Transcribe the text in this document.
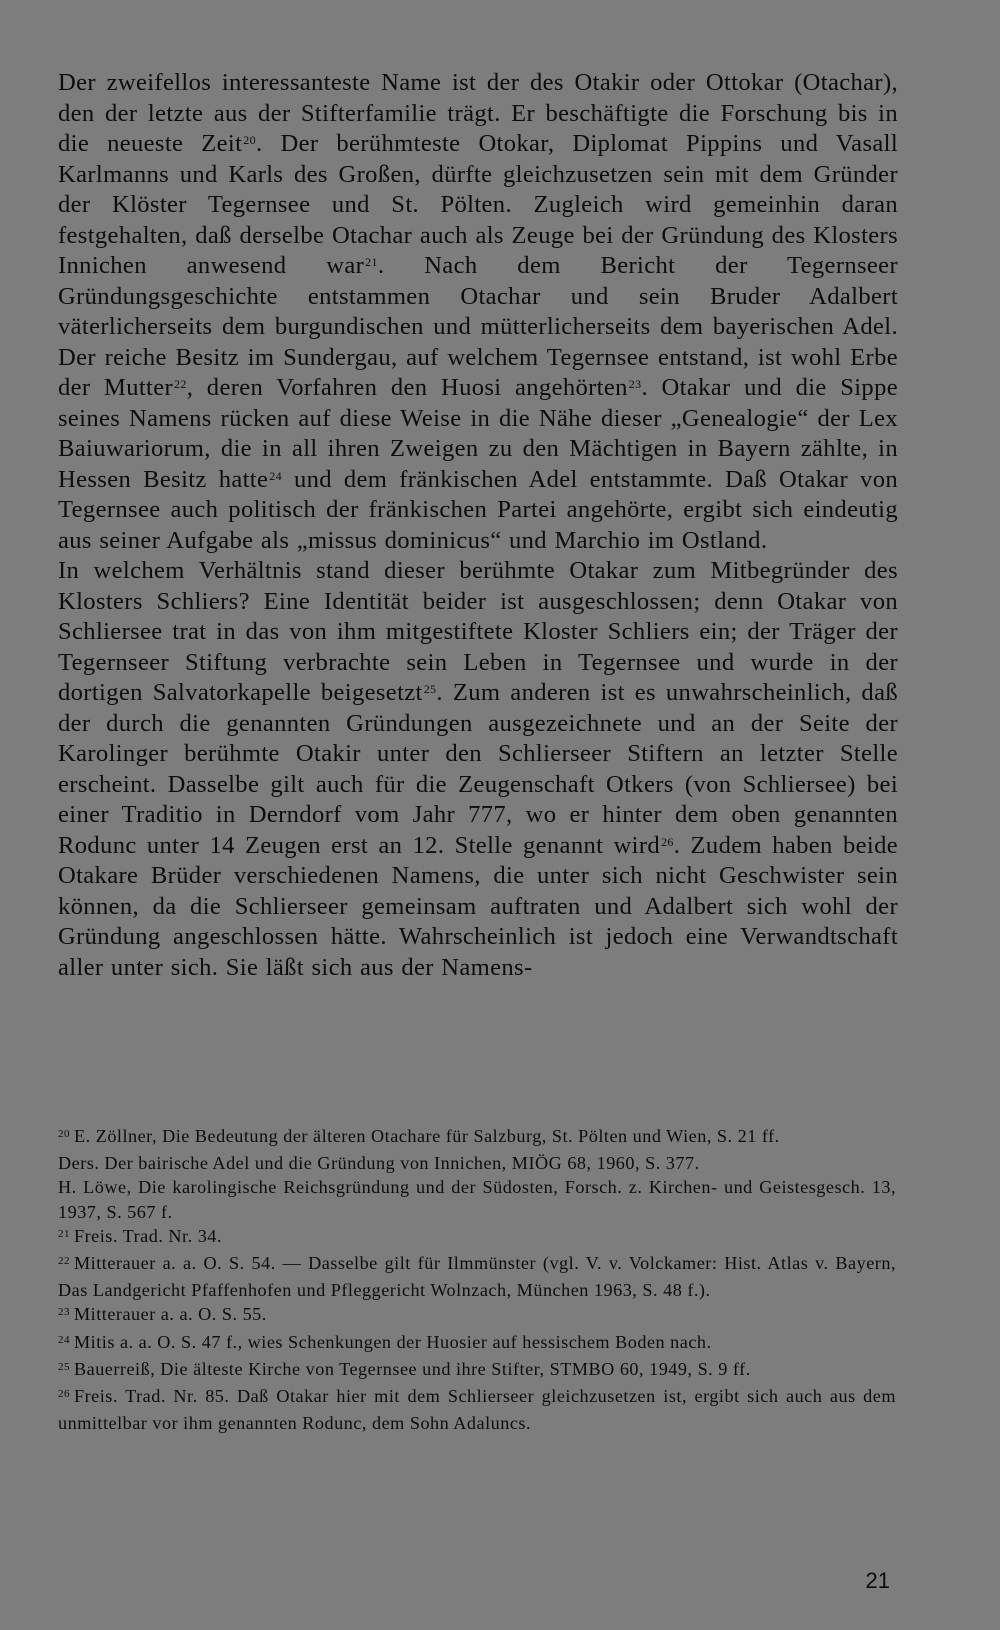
Der zweifellos interessanteste Name ist der des Otakir oder Ottokar (Otachar), den der letzte aus der Stifterfamilie trägt. Er beschäftigte die Forschung bis in die neueste Zeit$^{20}$. Der berühmteste Otokar, Diplomat Pippins und Vasall Karlmanns und Karls des Großen, dürfte gleichzusetzen sein mit dem Gründer der Klöster Tegernsee und St. Pölten. Zugleich wird gemeinhin daran festgehalten, daß derselbe Otachar auch als Zeuge bei der Gründung des Klosters Innichen anwesend war$^{21}$. Nach dem Bericht der Tegernseer Gründungsgeschichte entstammen Otachar und sein Bruder Adalbert väterlicherseits dem burgundischen und mütterlicherseits dem bayerischen Adel. Der reiche Besitz im Sundergau, auf welchem Tegernsee entstand, ist wohl Erbe der Mutter$^{22}$, deren Vorfahren den Huosi angehörten$^{23}$. Otakar und die Sippe seines Namens rücken auf diese Weise in die Nähe dieser „Genealogie“ der Lex Baiuwariorum, die in all ihren Zweigen zu den Mächtigen in Bayern zählte, in Hessen Besitz hatte$^{24}$ und dem fränkischen Adel entstammte. Daß Otakar von Tegernsee auch politisch der fränkischen Partei angehörte, ergibt sich eindeutig aus seiner Aufgabe als „missus dominicus“ und Marchio im Ostland.

In welchem Verhältnis stand dieser berühmte Otakar zum Mitbegründer des Klosters Schliers? Eine Identität beider ist ausgeschlossen; denn Otakar von Schliersee trat in das von ihm mitgestiftete Kloster Schliers ein; der Träger der Tegernseer Stiftung verbrachte sein Leben in Tegernsee und wurde in der dortigen Salvatorkapelle beigesetzt$^{25}$. Zum anderen ist es unwahrscheinlich, daß der durch die genannten Gründungen ausgezeichnete und an der Seite der Karolinger berühmte Otakir unter den Schlierseer Stiftern an letzter Stelle erscheint. Dasselbe gilt auch für die Zeugenschaft Otkers (von Schliersee) bei einer Traditio in Derndorf vom Jahr 777, wo er hinter dem oben genannten Rodunc unter 14 Zeugen erst an 12. Stelle genannt wird$^{26}$. Zudem haben beide Otakare Brüder verschiedenen Namens, die unter sich nicht Geschwister sein können, da die Schlierseer gemeinsam auftraten und Adalbert sich wohl der Gründung angeschlossen hätte. Wahrscheinlich ist jedoch eine Verwandtschaft aller unter sich. Sie läßt sich aus der Namens-

$^{20}$ E. Zöllner, Die Bedeutung der älteren Otachare für Salzburg, St. Pölten und Wien, S. 21 ff.

Ders. Der bairische Adel und die Gründung von Innichen, MIÖG 68, 1960, S. 377.

H. Löwe, Die karolingische Reichsgründung und der Südosten, Forsch. z. Kirchen- und Geistesgesch. 13, 1937, S. 567 f.

$^{21}$ Freis. Trad. Nr. 34.

$^{22}$ Mitterauer a. a. O. S. 54. — Dasselbe gilt für Ilmmünster (vgl. V. v. Volckamer: Hist. Atlas v. Bayern, Das Landgericht Pfaffenhofen und Pfleggericht Wolnzach, München 1963, S. 48 f.).

$^{23}$ Mitterauer a. a. O. S. 55.

$^{24}$ Mitis a. a. O. S. 47 f., wies Schenkungen der Huosier auf hessischem Boden nach.

$^{25}$ Bauerreiß, Die älteste Kirche von Tegernsee und ihre Stifter, STMBO 60, 1949, S. 9 ff.

$^{26}$ Freis. Trad. Nr. 85. Daß Otakar hier mit dem Schlierseer gleichzusetzen ist, ergibt sich auch aus dem unmittelbar vor ihm genannten Rodunc, dem Sohn Adaluncs.

21
